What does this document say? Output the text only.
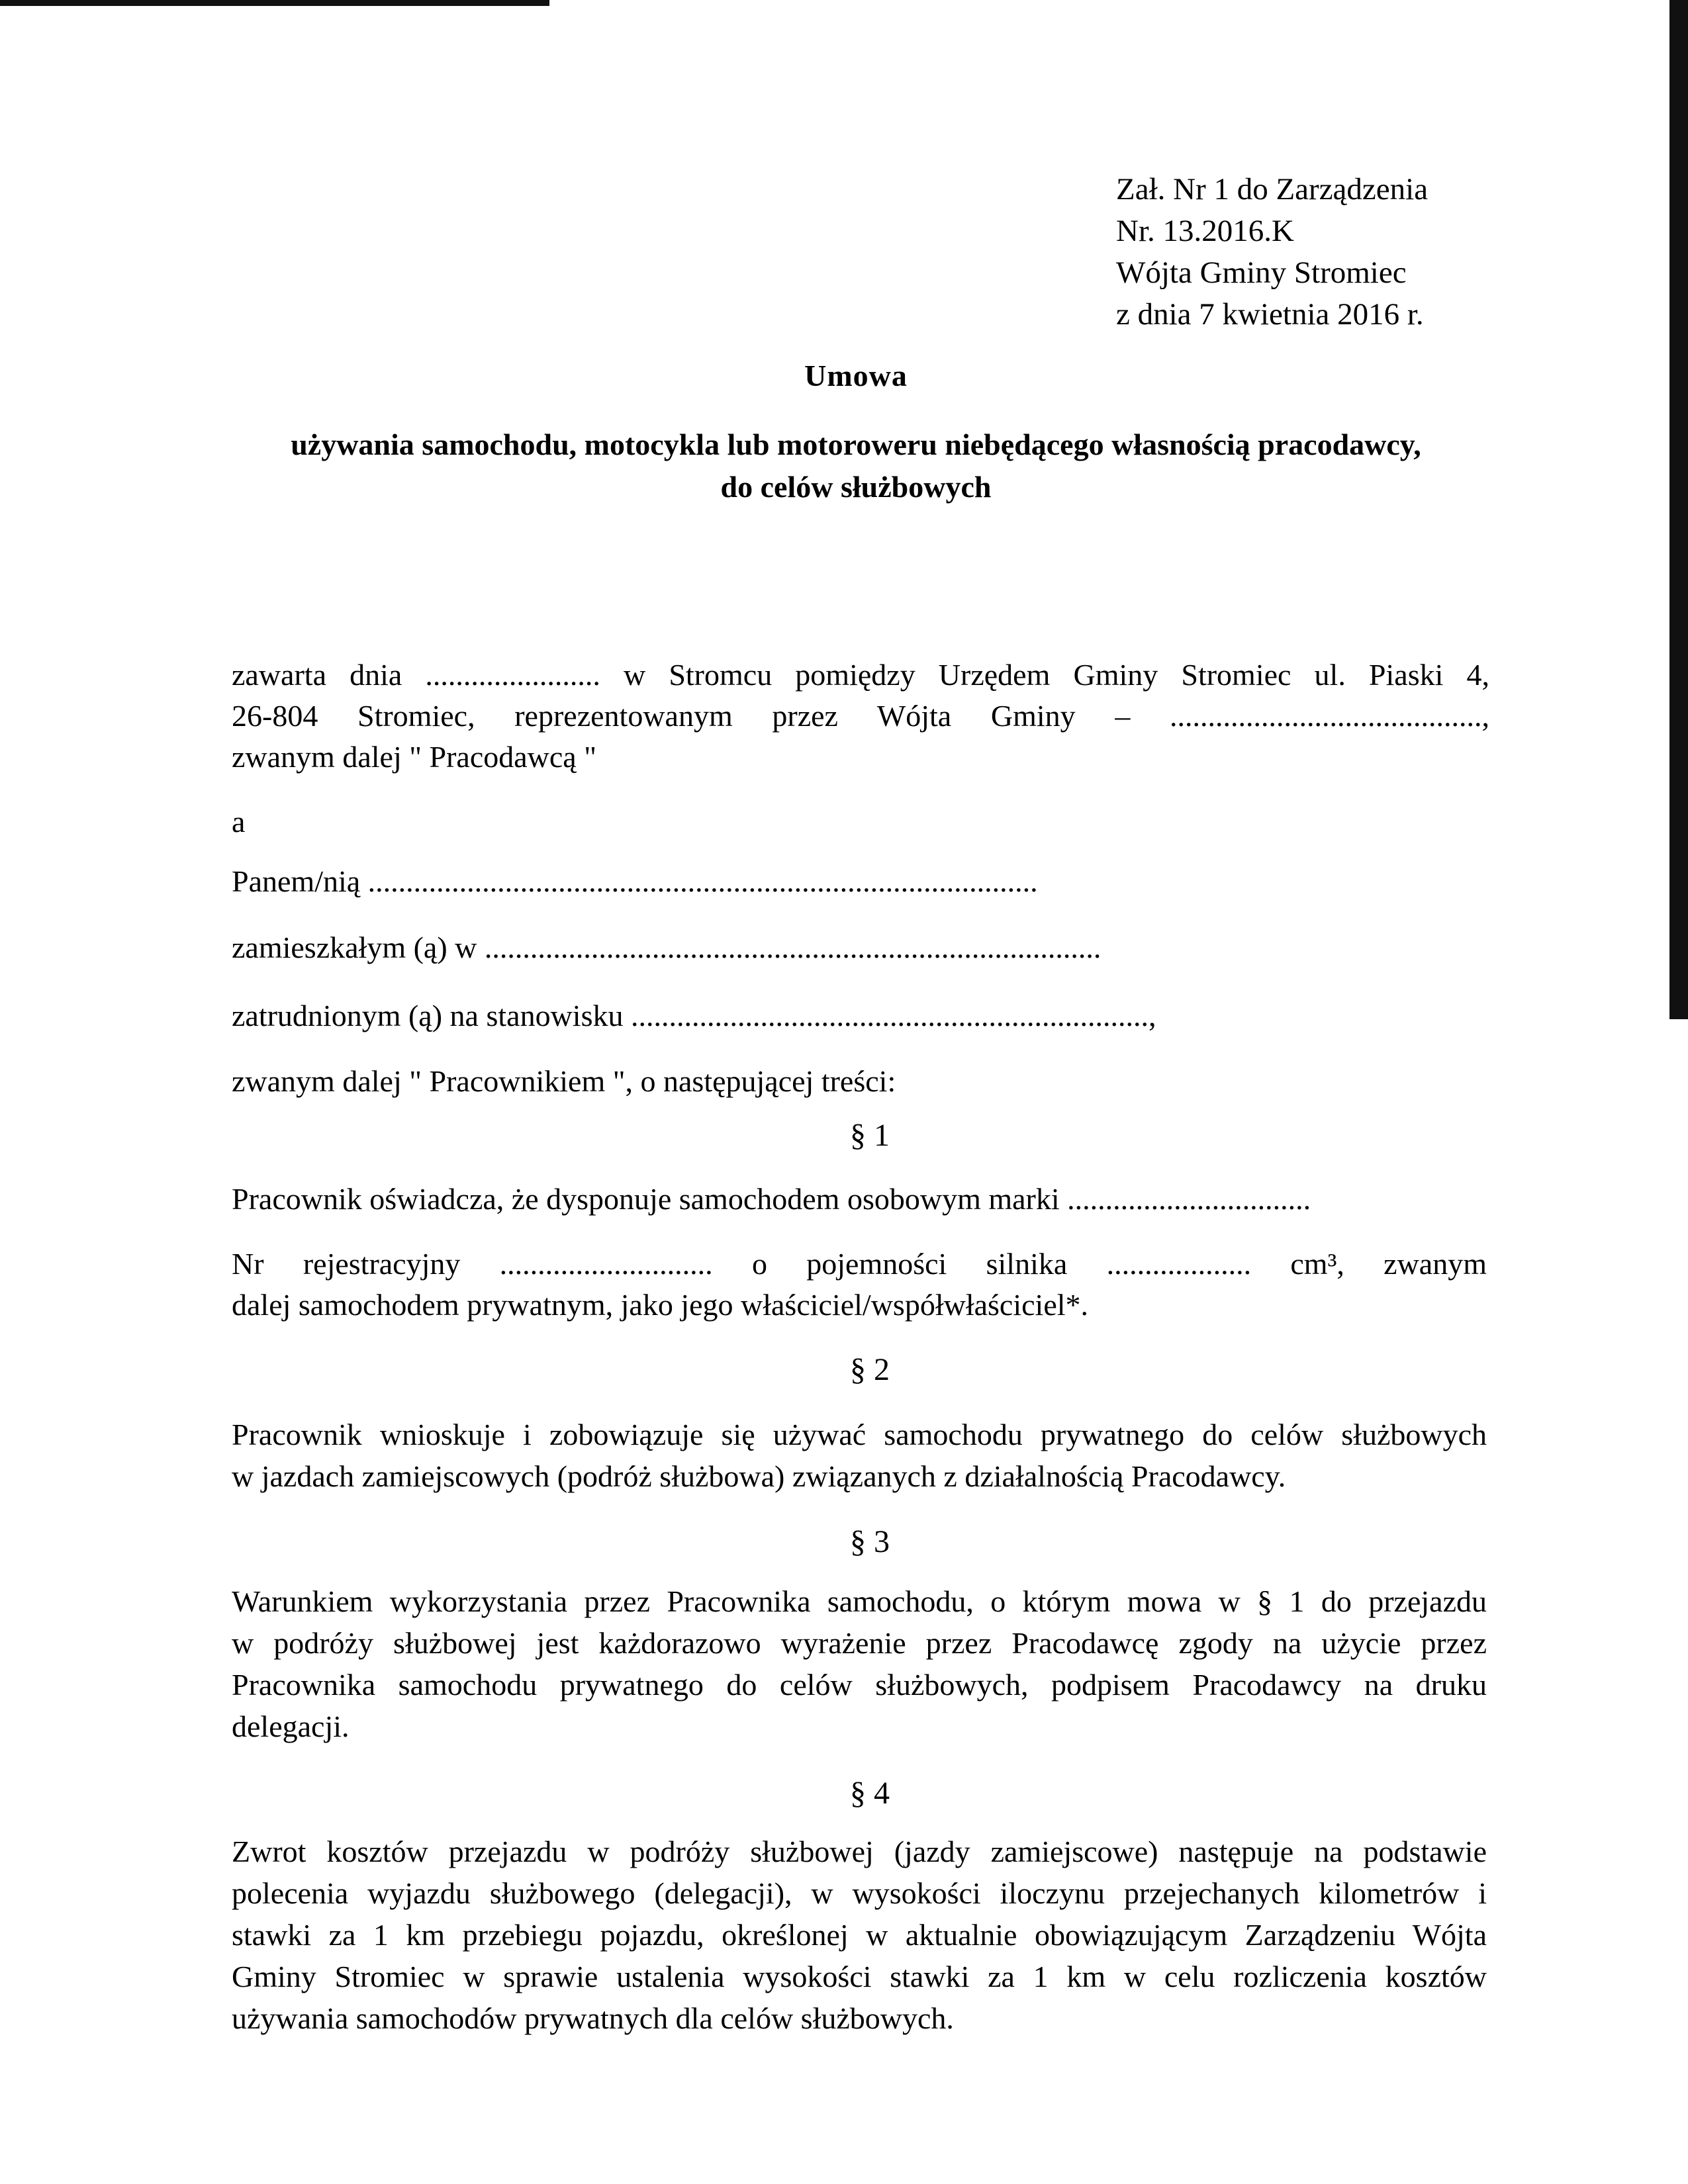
Zał. Nr 1 do Zarządzenia
Nr. 13.2016.K
Wójta Gminy Stromiec
z dnia 7 kwietnia 2016 r.
Umowa
używania samochodu, motocykla lub motoroweru niebędącego własnością pracodawcy,
do celów służbowych
zawarta dnia ....................... w Stromcu pomiędzy Urzędem Gminy Stromiec ul. Piaski 4,
26-804 Stromiec, reprezentowanym przez Wójta Gminy – .........................................,
zwanym dalej " Pracodawcą "
a
Panem/nią ........................................................................................
zamieszkałym (ą) w .................................................................................
zatrudnionym (ą) na stanowisku ....................................................................,
zwanym dalej " Pracownikiem ", o następującej treści:
§ 1
Pracownik oświadcza, że dysponuje samochodem osobowym marki ................................
Nr rejestracyjny ............................ o pojemności silnika ................... cm³, zwanym
dalej samochodem prywatnym, jako jego właściciel/współwłaściciel*.
§ 2
Pracownik wnioskuje i zobowiązuje się używać samochodu prywatnego do celów służbowych
w jazdach zamiejscowych (podróż służbowa) związanych z działalnością Pracodawcy.
§ 3
Warunkiem wykorzystania przez Pracownika samochodu, o którym mowa w § 1 do przejazdu
w podróży służbowej jest każdorazowo wyrażenie przez Pracodawcę zgody na użycie przez
Pracownika samochodu prywatnego do celów służbowych, podpisem Pracodawcy na druku
delegacji.
§ 4
Zwrot kosztów przejazdu w podróży służbowej (jazdy zamiejscowe) następuje na podstawie
polecenia wyjazdu służbowego (delegacji), w wysokości iloczynu przejechanych kilometrów i
stawki za 1 km przebiegu pojazdu, określonej w aktualnie obowiązującym Zarządzeniu Wójta
Gminy Stromiec w sprawie ustalenia wysokości stawki za 1 km w celu rozliczenia kosztów
używania samochodów prywatnych dla celów służbowych.
